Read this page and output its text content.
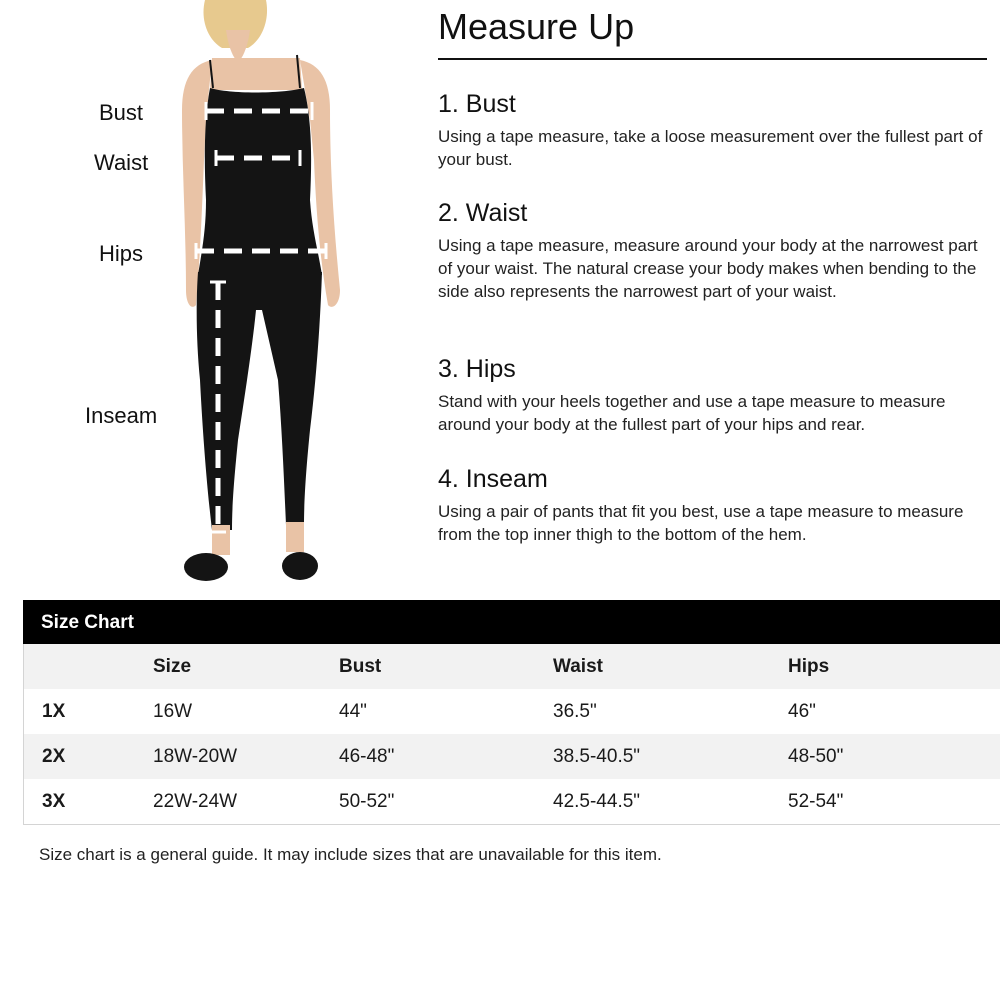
Bust
Waist
Hips
Inseam
Measure Up
1. Bust

Using a tape measure, take a loose measurement over the fullest part of your bust.

2. Waist

Using a tape measure, measure around your body at the narrowest part of your waist. The natural crease your body makes when bending to the side also represents the narrowest part of your waist.

3. Hips

Stand with your heels together and use a tape measure to measure around your body at the fullest part of your hips and rear.

4. Inseam

Using a pair of pants that fit you best, use a tape measure to measure from the top inner thigh to the bottom of the hem.

Size Chart
	Size	Bust	Waist	Hips
1X	16W	44"	36.5"	46"
2X	18W-20W	46-48"	38.5-40.5"	48-50"
3X	22W-24W	50-52"	42.5-44.5"	52-54"

Size chart is a general guide. It may include sizes that are unavailable for this item.
